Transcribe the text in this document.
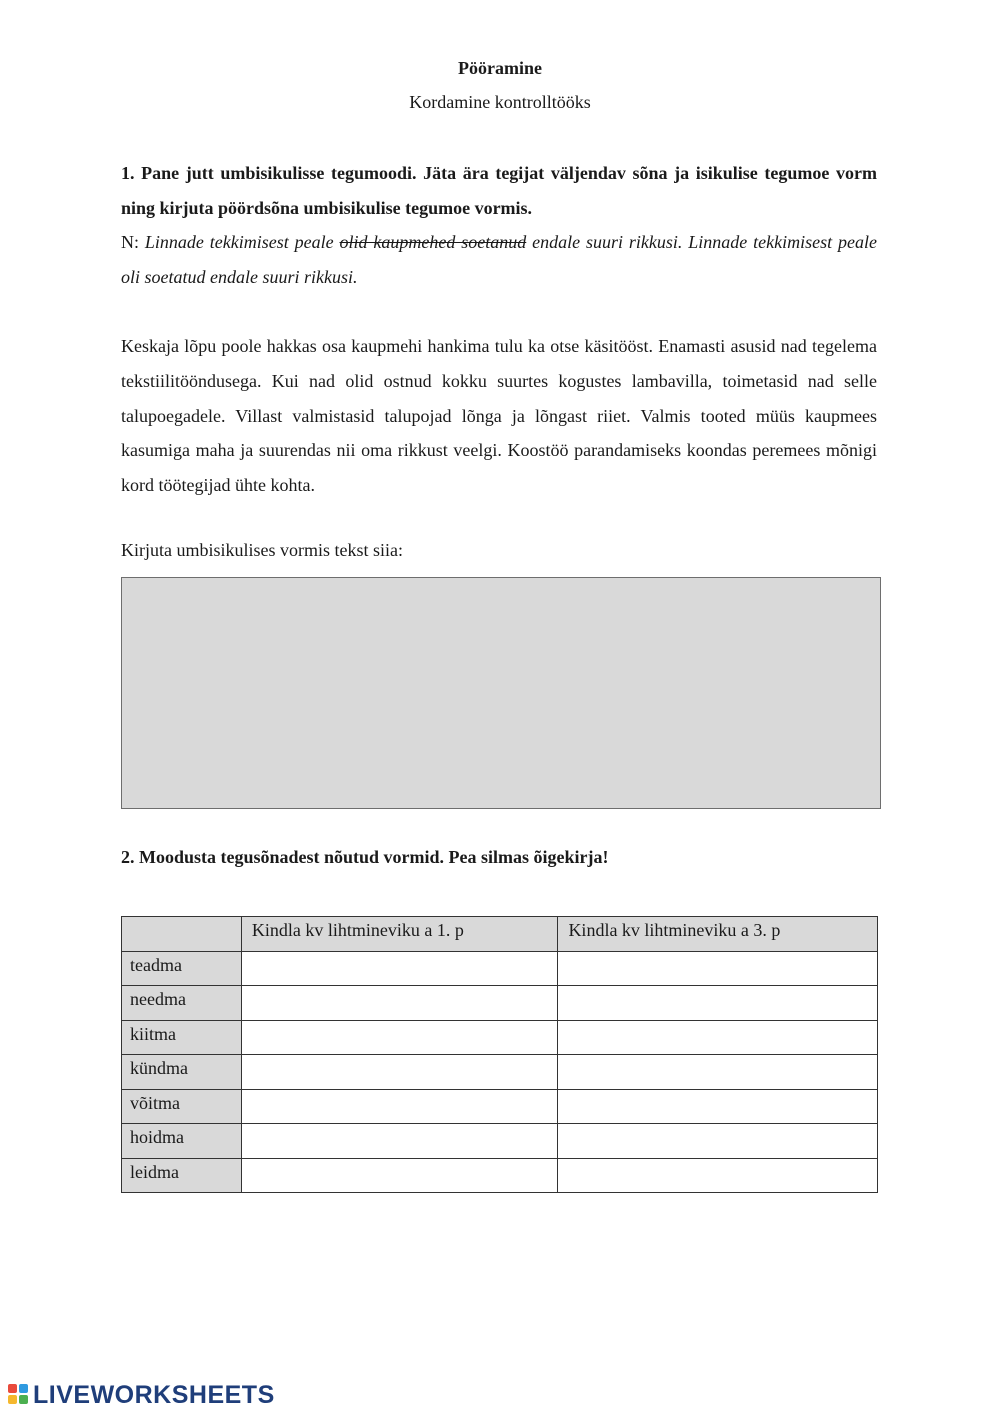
Pööramine
Kordamine kontrolltööks
1. Pane jutt umbisikulisse tegumoodi. Jäta ära tegijat väljendav sõna ja isikulise tegumoe vorm ning kirjuta pöördsõna umbisikulise tegumoe vormis.
N: Linnade tekkimisest peale olid kaupmehed soetanud endale suuri rikkusi. Linnade tekkimisest peale oli soetatud endale suuri rikkusi.
Keskaja lõpu poole hakkas osa kaupmehi hankima tulu ka otse käsitööst. Enamasti asusid nad tegelema tekstiilitööndusega. Kui nad olid ostnud kokku suurtes kogustes lambavilla, toimetasid nad selle talupoegadele. Villast valmistasid talupojad lõnga ja lõngast riiet. Valmis tooted müüs kaupmees kasumiga maha ja suurendas nii oma rikkust veelgi. Koostöö parandamiseks koondas peremees mõnigi kord töötegijad ühte kohta.
Kirjuta umbisikulises vormis tekst siia:
2. Moodusta tegusõnadest nõutud vormid. Pea silmas õigekirja!
	Kindla kv lihtmineviku a 1. p	Kindla kv lihtmineviku a 3. p
teadma		
needma		
kiitma		
kündma		
võitma		
hoidma		
leidma		
LIVEWORKSHEETS
